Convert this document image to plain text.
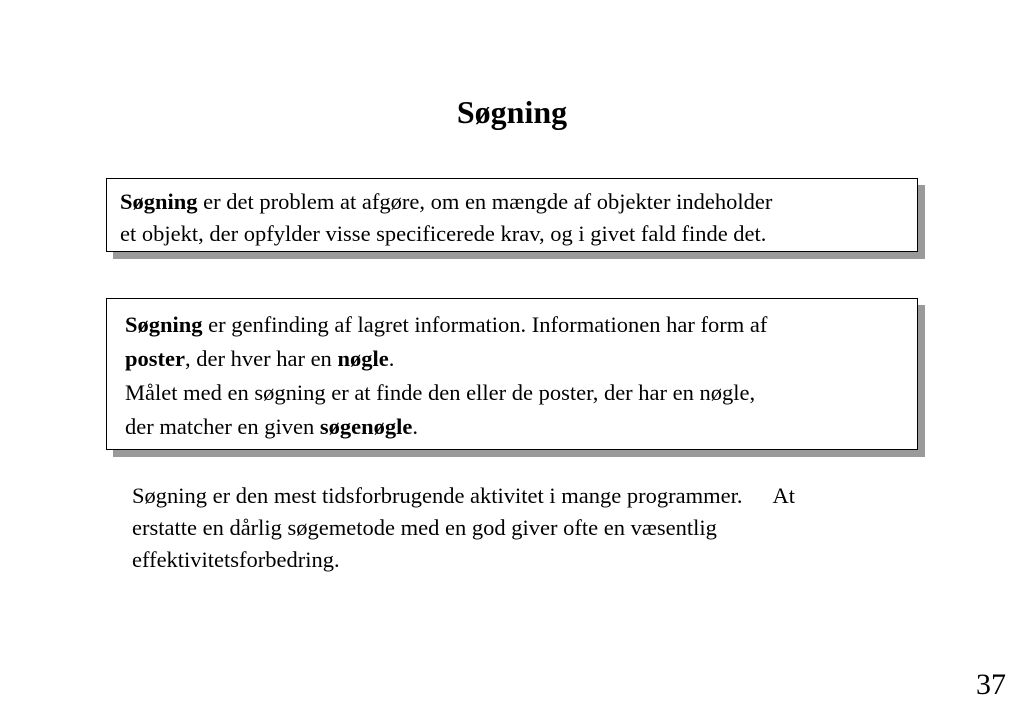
Søgning
Søgning er det problem at afgøre, om en mængde af objekter indeholder
et objekt, der opfylder visse specificerede krav, og i givet fald finde det.
Søgning er genfinding af lagret information. Informationen har form af
poster, der hver har en nøgle.
Målet med en søgning er at finde den eller de poster, der har en nøgle,
der matcher en given søgenøgle.
Søgning er den mest tidsforbrugende aktivitet i mange programmer. At
erstatte en dårlig søgemetode med en god giver ofte en væsentlig
effektivitetsforbedring.
37
